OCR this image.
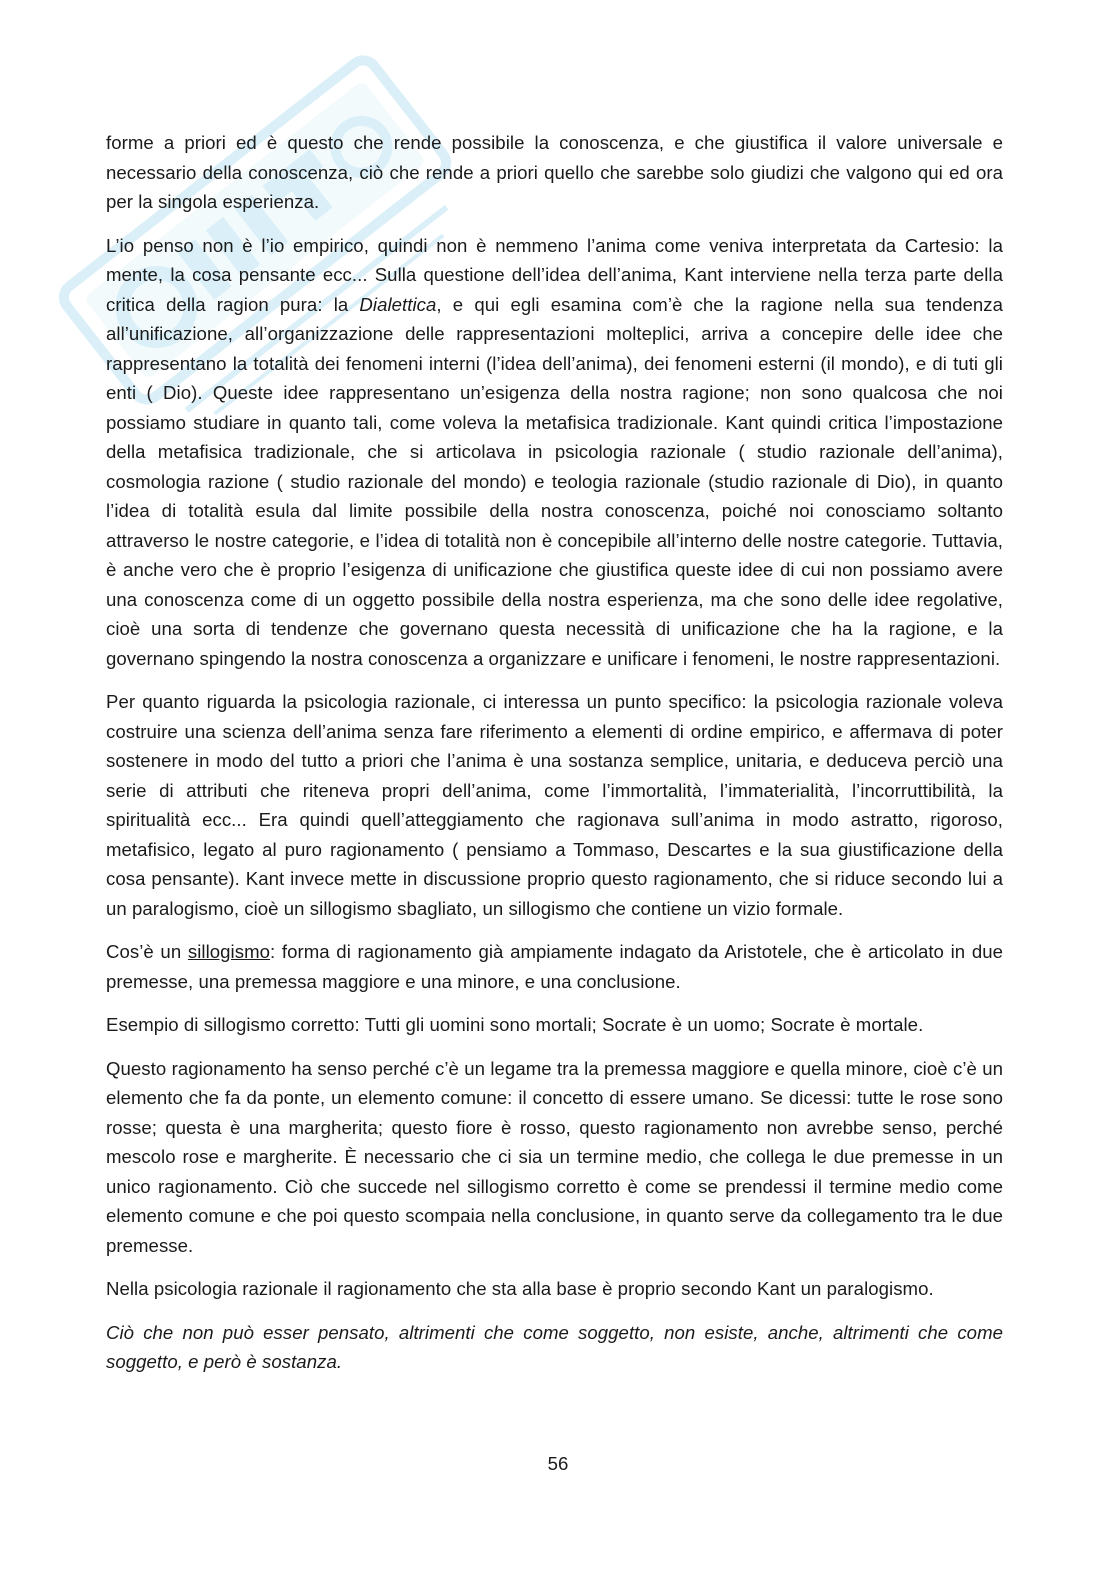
forme a priori ed è questo che rende possibile la conoscenza, e che giustifica il valore universale e necessario della conoscenza, ciò che rende a priori quello che sarebbe solo giudizi che valgono qui ed ora per la singola esperienza.

L’io penso non è l’io empirico, quindi non è nemmeno l’anima come veniva interpretata da Cartesio: la mente, la cosa pensante ecc... Sulla questione dell’idea dell’anima, Kant interviene nella terza parte della critica della ragion pura: la Dialettica, e qui egli esamina com’è che la ragione nella sua tendenza all’unificazione, all’organizzazione delle rappresentazioni molteplici, arriva a concepire delle idee che rappresentano la totalità dei fenomeni interni (l’idea dell’anima), dei fenomeni esterni (il mondo), e di tuti gli enti ( Dio). Queste idee rappresentano un’esigenza della nostra ragione; non sono qualcosa che noi possiamo studiare in quanto tali, come voleva la metafisica tradizionale. Kant quindi critica l’impostazione della metafisica tradizionale, che si articolava in psicologia razionale ( studio razionale dell’anima), cosmologia razione ( studio razionale del mondo) e teologia razionale (studio razionale di Dio), in quanto l’idea di totalità esula dal limite possibile della nostra conoscenza, poiché noi conosciamo soltanto attraverso le nostre categorie, e l’idea di totalità non è concepibile all’interno delle nostre categorie. Tuttavia, è anche vero che è proprio l’esigenza di unificazione che giustifica queste idee di cui non possiamo avere una conoscenza come di un oggetto possibile della nostra esperienza, ma che sono delle idee regolative, cioè una sorta di tendenze che governano questa necessità di unificazione che ha la ragione, e la governano spingendo la nostra conoscenza a organizzare e unificare i fenomeni, le nostre rappresentazioni.

Per quanto riguarda la psicologia razionale, ci interessa un punto specifico: la psicologia razionale voleva costruire una scienza dell’anima senza fare riferimento a elementi di ordine empirico, e affermava di poter sostenere in modo del tutto a priori che l’anima è una sostanza semplice, unitaria, e deduceva perciò una serie di attributi che riteneva propri dell’anima, come l’immortalità, l’immaterialità, l’incorruttibilità, la spiritualità ecc... Era quindi quell’atteggiamento che ragionava sull’anima in modo astratto, rigoroso, metafisico, legato al puro ragionamento ( pensiamo a Tommaso, Descartes e la sua giustificazione della cosa pensante). Kant invece mette in discussione proprio questo ragionamento, che si riduce secondo lui a un paralogismo, cioè un sillogismo sbagliato, un sillogismo che contiene un vizio formale.

Cos’è un sillogismo: forma di ragionamento già ampiamente indagato da Aristotele, che è articolato in due premesse, una premessa maggiore e una minore, e una conclusione.

Esempio di sillogismo corretto: Tutti gli uomini sono mortali; Socrate è un uomo; Socrate è mortale.

Questo ragionamento ha senso perché c’è un legame tra la premessa maggiore e quella minore, cioè c’è un elemento che fa da ponte, un elemento comune: il concetto di essere umano. Se dicessi: tutte le rose sono rosse; questa è una margherita; questo fiore è rosso, questo ragionamento non avrebbe senso, perché mescolo rose e margherite. È necessario che ci sia un termine medio, che collega le due premesse in un unico ragionamento. Ciò che succede nel sillogismo corretto è come se prendessi il termine medio come elemento comune e che poi questo scompaia nella conclusione, in quanto serve da collegamento tra le due premesse.

Nella psicologia razionale il ragionamento che sta alla base è proprio secondo Kant un paralogismo.

Ciò che non può esser pensato, altrimenti che come soggetto, non esiste, anche, altrimenti che come soggetto, e però è sostanza.

56
